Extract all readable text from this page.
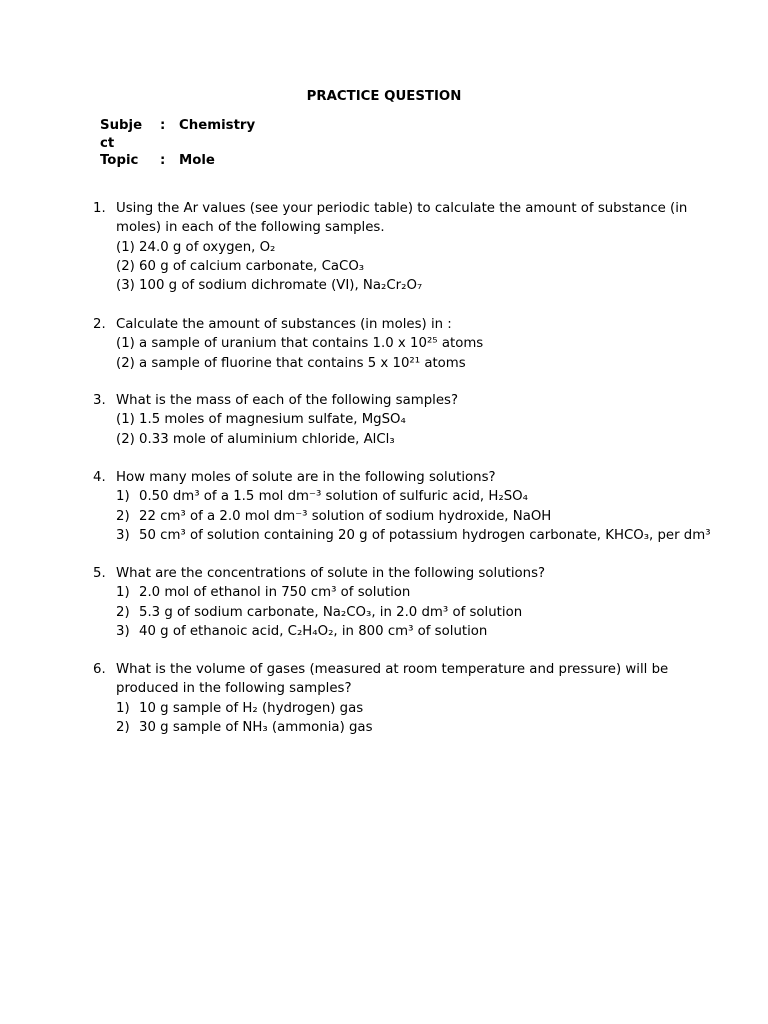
PRACTICE QUESTION
Subject
: Chemistry
Topic	: Mole
1. Using the Ar values (see your periodic table) to calculate the amount of substance (in moles) in each of the following samples.
(1) 24.0 g of oxygen, O₂
(2) 60 g of calcium carbonate, CaCO₃
(3) 100 g of sodium dichromate (VI), Na₂Cr₂O₇
2. Calculate the amount of substances (in moles) in :
(1) a sample of uranium that contains 1.0 x 10²⁵ atoms
(2) a sample of fluorine that contains 5 x 10²¹ atoms
3. What is the mass of each of the following samples?
(1) 1.5 moles of magnesium sulfate, MgSO₄
(2) 0.33 mole of aluminium chloride, AlCl₃
4. How many moles of solute are in the following solutions?
1) 0.50 dm³ of a 1.5 mol dm⁻³ solution of sulfuric acid, H₂SO₄
2) 22 cm³ of a 2.0 mol dm⁻³ solution of sodium hydroxide, NaOH
3) 50 cm³ of solution containing 20 g of potassium hydrogen carbonate, KHCO₃, per dm³
5. What are the concentrations of solute in the following solutions?
1) 2.0 mol of ethanol in 750 cm³ of solution
2) 5.3 g of sodium carbonate, Na₂CO₃, in 2.0 dm³ of solution
3) 40 g of ethanoic acid, C₂H₄O₂, in 800 cm³ of solution
6. What is the volume of gases (measured at room temperature and pressure) will be produced in the following samples?
1) 10 g sample of H₂ (hydrogen) gas
2) 30 g sample of NH₃ (ammonia) gas
